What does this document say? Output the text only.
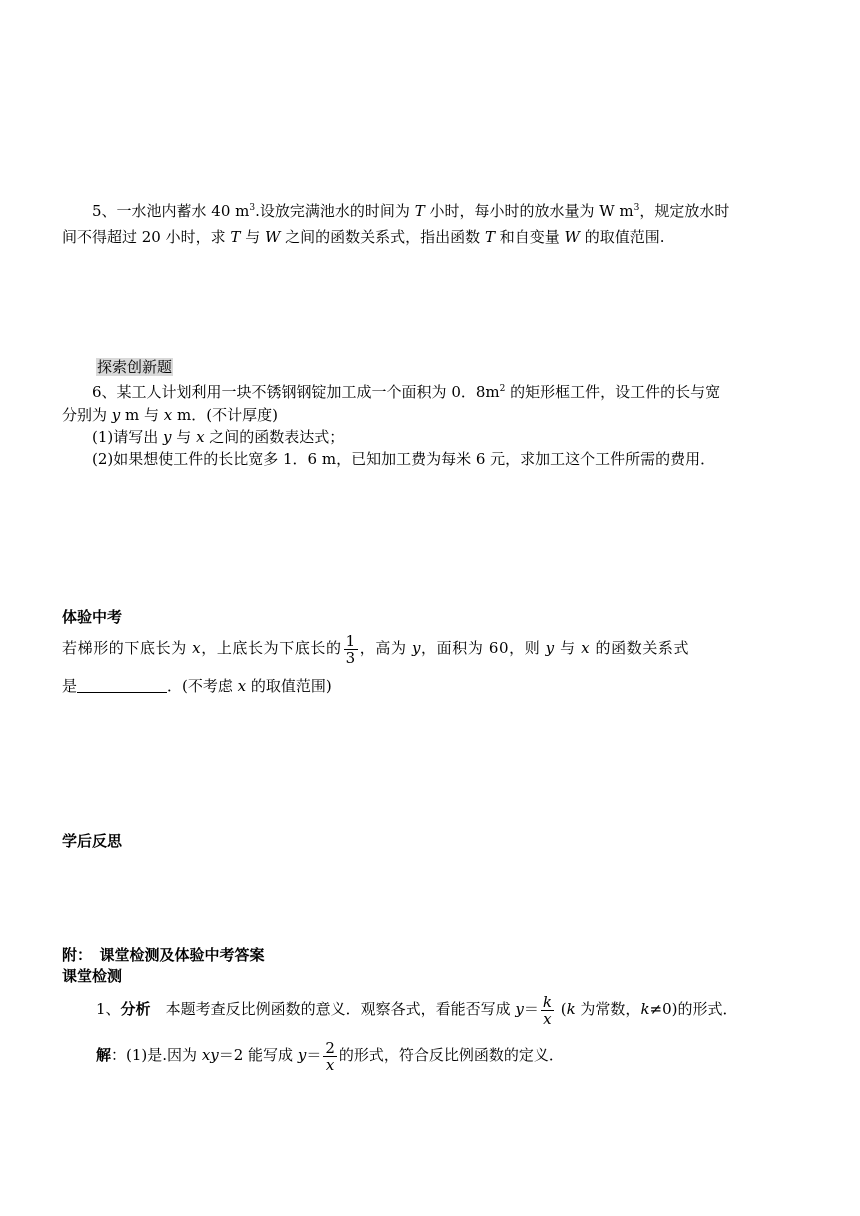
5、一水池内蓄水 40 $m^3$.设放完满池水的时间为 T 小时，每小时的放水量为 W $m^3$，规定放水时
间不得超过 20 小时，求 T 与 W 之间的函数关系式，指出函数 T 和自变量 W 的取值范围.
探索创新题
6、某工人计划利用一块不锈钢钢锭加工成一个面积为 0．$8m^2$ 的矩形框工件，设工件的长与宽
分别为 y m 与 x m．(不计厚度)
(1)请写出 y 与 x 之间的函数表达式；
(2)如果想使工件的长比宽多 1．6 m，已知加工费为每米 6 元，求加工这个工件所需的费用．
体验中考
若梯形的下底长为 x，上底长为下底长的 $\frac{1}{3}$ ，高为 y，面积为 60，则 y 与 x 的函数关系式
是	．(不考虑 x 的取值范围)
学后反思
附：　课堂检测及体验中考答案
课堂检测
1、分析　本题考查反比例函数的意义．观察各式，看能否写成 $y= \frac{k}{x} (k$ 为常数，k≠0)的形式．
解：(1)是.因为 xy＝2 能写成 $y= \frac{2}{x}$ 的形式，符合反比例函数的定义．
